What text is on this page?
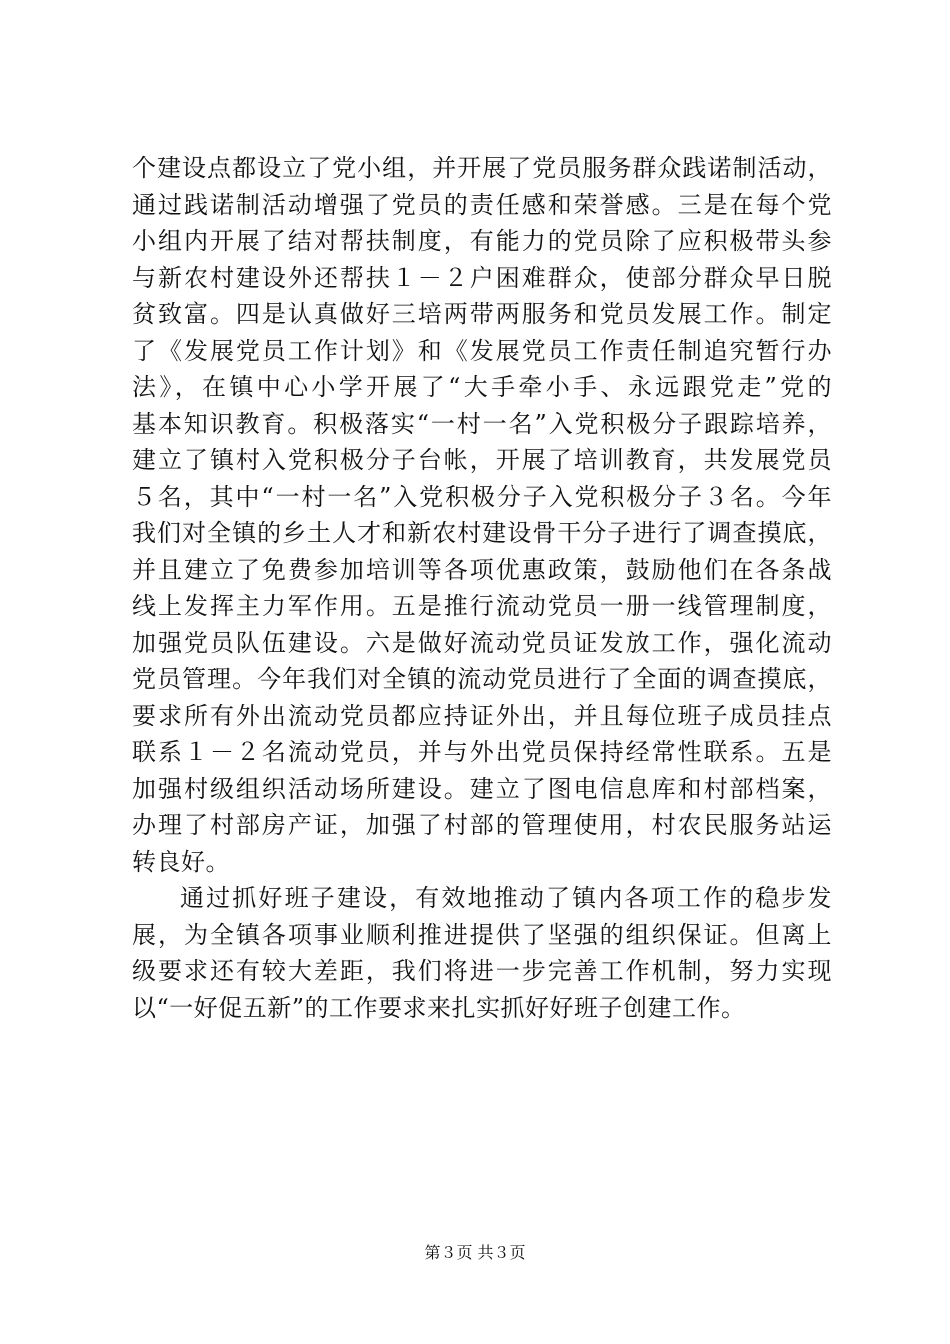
个建设点都设立了党小组，并开展了党员服务群众践诺制活动，
通过践诺制活动增强了党员的责任感和荣誉感。三是在每个党
小组内开展了结对帮扶制度，有能力的党员除了应积极带头参
与新农村建设外还帮扶１－２户困难群众，使部分群众早日脱
贫致富。四是认真做好三培两带两服务和党员发展工作。制定
了《发展党员工作计划》和《发展党员工作责任制追究暂行办
法》，在镇中心小学开展了“大手牵小手、永远跟党走”党的
基本知识教育。积极落实“一村一名”入党积极分子跟踪培养，
建立了镇村入党积极分子台帐，开展了培训教育，共发展党员
５名，其中“一村一名”入党积极分子入党积极分子３名。今年
我们对全镇的乡土人才和新农村建设骨干分子进行了调查摸底，
并且建立了免费参加培训等各项优惠政策，鼓励他们在各条战
线上发挥主力军作用。五是推行流动党员一册一线管理制度，
加强党员队伍建设。六是做好流动党员证发放工作，强化流动
党员管理。今年我们对全镇的流动党员进行了全面的调查摸底，
要求所有外出流动党员都应持证外出，并且每位班子成员挂点
联系１－２名流动党员，并与外出党员保持经常性联系。五是
加强村级组织活动场所建设。建立了图电信息库和村部档案，
办理了村部房产证，加强了村部的管理使用，村农民服务站运
转良好。
通过抓好班子建设，有效地推动了镇内各项工作的稳步发
展，为全镇各项事业顺利推进提供了坚强的组织保证。但离上
级要求还有较大差距，我们将进一步完善工作机制，努力实现
以“一好促五新”的工作要求来扎实抓好好班子创建工作。
第３页 共３页
